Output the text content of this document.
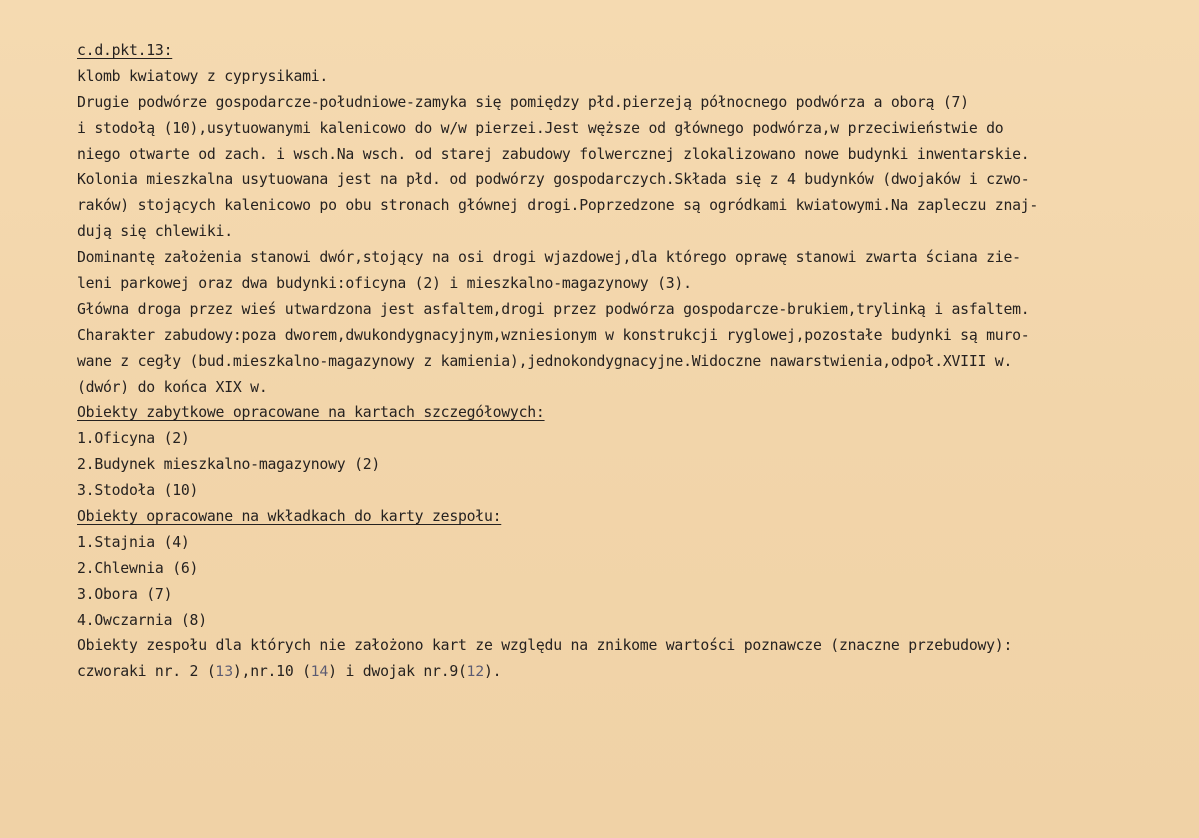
c.d.pkt.13:
klomb kwiatowy z cyprysikami.
Drugie podwórze gospodarcze-południowe-zamyka się pomiędzy płd.pierzeją północnego podwórza a oborą (7)
i stodołą (10),usytuowanymi kalenicowo do w/w pierzei.Jest węższe od głównego podwórza,w przeciwieństwie do
niego otwarte od zach. i wsch.Na wsch. od starej zabudowy folwercznej zlokalizowano nowe budynki inwentarskie.
Kolonia mieszkalna usytuowana jest na płd. od podwórzy gospodarczych.Składa się z 4 budynków (dwojaków i czwo-
raków) stojących kalenicowo po obu stronach głównej drogi.Poprzedzone są ogródkami kwiatowymi.Na zapleczu znaj-
dują się chlewiki.
Dominantę założenia stanowi dwór,stojący na osi drogi wjazdowej,dla którego oprawę stanowi zwarta ściana zie-
leni parkowej oraz dwa budynki:oficyna (2) i mieszkalno-magazynowy (3).
Główna droga przez wieś utwardzona jest asfaltem,drogi przez podwórza gospodarcze-brukiem,trylinką i asfaltem.
Charakter zabudowy:poza dworem,dwukondygnacyjnym,wzniesionym w konstrukcji ryglowej,pozostałe budynki są muro-
wane z cegły (bud.mieszkalno-magazynowy z kamienia),jednokondygnacyjne.Widoczne nawarstwienia,odpoł.XVIII w.
(dwór) do końca XIX w.
Obiekty zabytkowe opracowane na kartach szczegółowych:
1.Oficyna (2)
2.Budynek mieszkalno-magazynowy (2)
3.Stodoła (10)
Obiekty opracowane na wkładkach do karty zespołu:
1.Stajnia (4)
2.Chlewnia (6)
3.Obora (7)
4.Owczarnia (8)
Obiekty zespołu dla których nie założono kart ze względu na znikome wartości poznawcze (znaczne przebudowy):
czworaki nr. 2 (13),nr.10 (14) i dwojak nr.9(12).
